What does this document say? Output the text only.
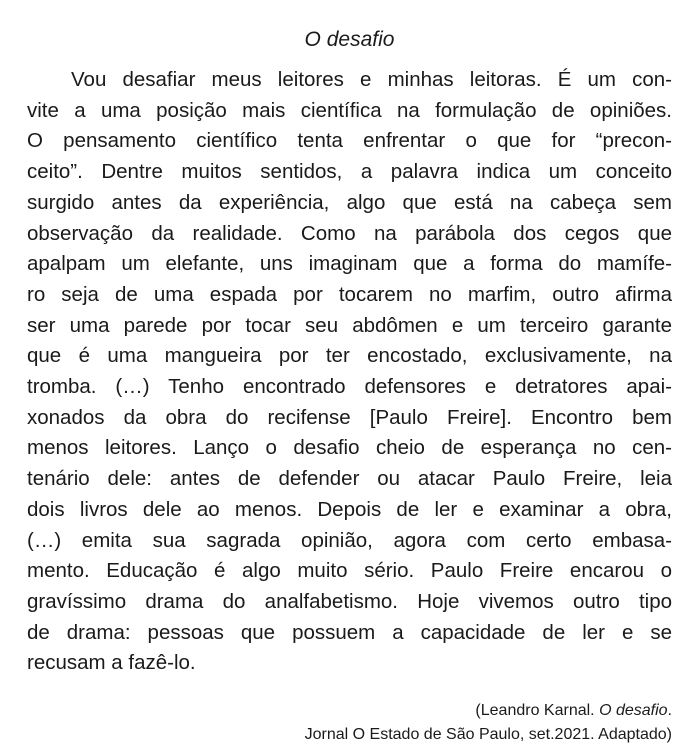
O desafio
Vou desafiar meus leitores e minhas leitoras. É um con-
vite a uma posição mais científica na formulação de opiniões.
O pensamento científico tenta enfrentar o que for “precon-
ceito”. Dentre muitos sentidos, a palavra indica um conceito
surgido antes da experiência, algo que está na cabeça sem
observação da realidade. Como na parábola dos cegos que
apalpam um elefante, uns imaginam que a forma do mamífe-
ro seja de uma espada por tocarem no marfim, outro afirma
ser uma parede por tocar seu abdômen e um terceiro garante
que é uma mangueira por ter encostado, exclusivamente, na
tromba. (…) Tenho encontrado defensores e detratores apai-
xonados da obra do recifense [Paulo Freire]. Encontro bem
menos leitores. Lanço o desafio cheio de esperança no cen-
tenário dele: antes de defender ou atacar Paulo Freire, leia
dois livros dele ao menos. Depois de ler e examinar a obra,
(…) emita sua sagrada opinião, agora com certo embasa-
mento. Educação é algo muito sério. Paulo Freire encarou o
gravíssimo drama do analfabetismo. Hoje vivemos outro tipo
de drama: pessoas que possuem a capacidade de ler e se
recusam a fazê-lo.
(Leandro Karnal. O desafio.
Jornal O Estado de São Paulo, set.2021. Adaptado)
